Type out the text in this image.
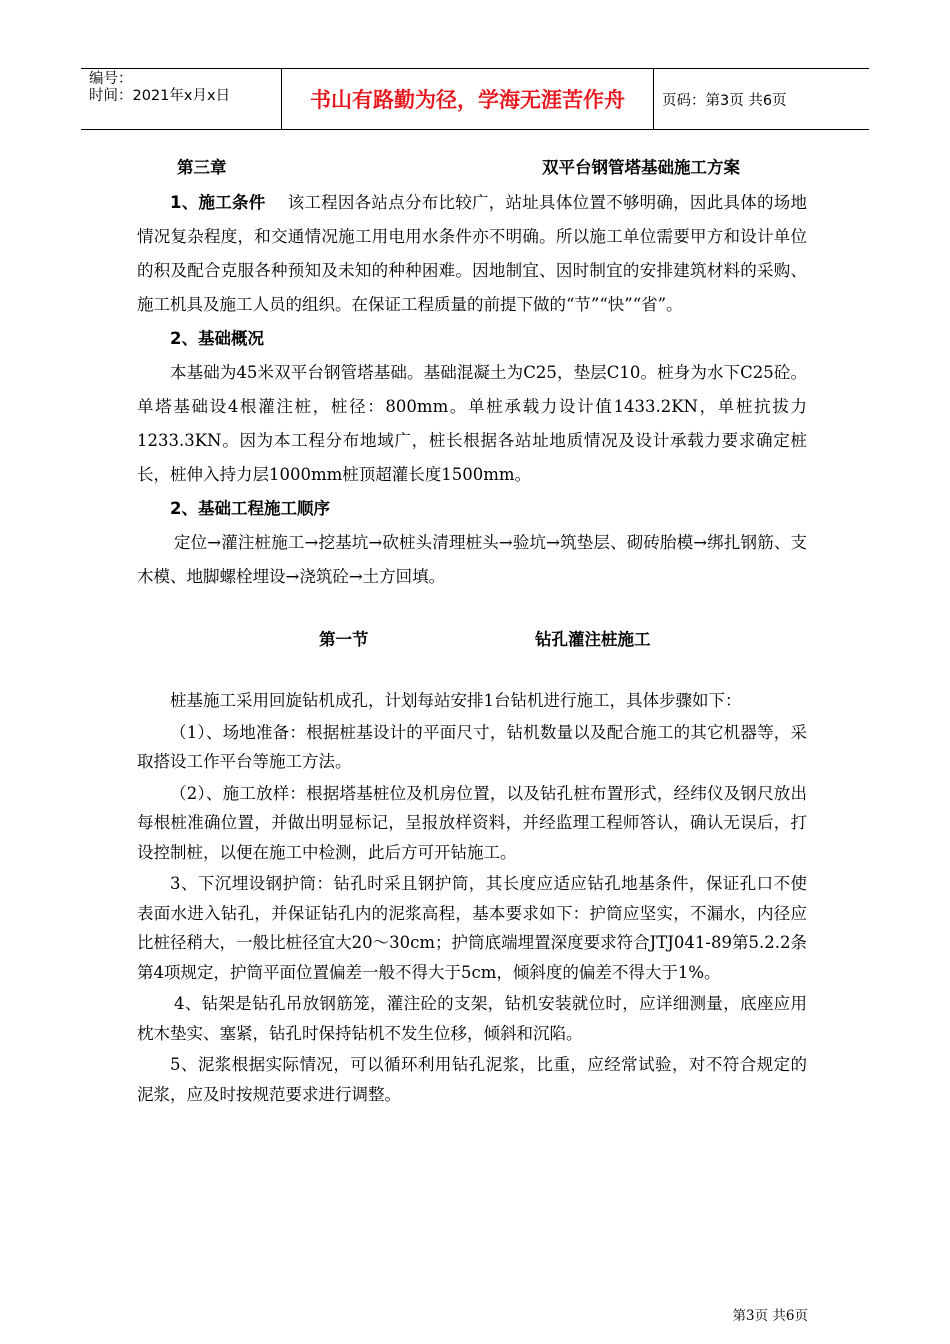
编号：
时间：2021年x月x日	书山有路勤为径，学海无涯苦作舟	页码：第3页 共6页
第三章	双平台钢管塔基础施工方案

1、施工条件 该工程因各站点分布比较广，站址具体位置不够明确，因此具体的场地情况复杂程度，和交通情况施工用电用水条件亦不明确。所以施工单位需要甲方和设计单位的积及配合克服各种预知及未知的种种困难。因地制宜、因时制宜的安排建筑材料的采购、施工机具及施工人员的组织。在保证工程质量的前提下做的“节”“快”“省”。

2、基础概况

本基础为45米双平台钢管塔基础。基础混凝土为C25，垫层C10。桩身为水下C25砼。单塔基础设4根灌注桩，桩径：800mm。单桩承载力设计值1433.2KN，单桩抗拔力1233.3KN。因为本工程分布地域广，桩长根据各站址地质情况及设计承载力要求确定桩长，桩伸入持力层1000mm桩顶超灌长度1500mm。

2、基础工程施工顺序

定位→灌注桩施工→挖基坑→砍桩头清理桩头→验坑→筑垫层、砌砖胎模→绑扎钢筋、支木模、地脚螺栓埋设→浇筑砼→土方回填。

第一节	钻孔灌注桩施工

桩基施工采用回旋钻机成孔，计划每站安排1台钻机进行施工，具体步骤如下：

（1）、场地准备：根据桩基设计的平面尺寸，钻机数量以及配合施工的其它机器等，采取搭设工作平台等施工方法。

（2）、施工放样：根据塔基桩位及机房位置，以及钻孔桩布置形式，经纬仪及钢尺放出每根桩准确位置，并做出明显标记，呈报放样资料，并经监理工程师答认，确认无误后，打设控制桩，以便在施工中检测，此后方可开钻施工。

3、下沉埋设钢护筒：钻孔时采且钢护筒，其长度应适应钻孔地基条件，保证孔口不使表面水进入钻孔，并保证钻孔内的泥浆高程，基本要求如下：护筒应坚实，不漏水，内径应比桩径稍大，一般比桩径宜大20～30cm；护筒底端埋置深度要求符合JTJ041-89第5.2.2条第4项规定，护筒平面位置偏差一般不得大于5cm，倾斜度的偏差不得大于1%。

4、钻架是钻孔吊放钢筋笼，灌注砼的支架，钻机安装就位时，应详细测量，底座应用枕木垫实、塞紧，钻孔时保持钻机不发生位移，倾斜和沉陷。

5、泥浆根据实际情况，可以循环利用钻孔泥浆，比重，应经常试验，对不符合规定的泥浆，应及时按规范要求进行调整。

第3页 共6页
